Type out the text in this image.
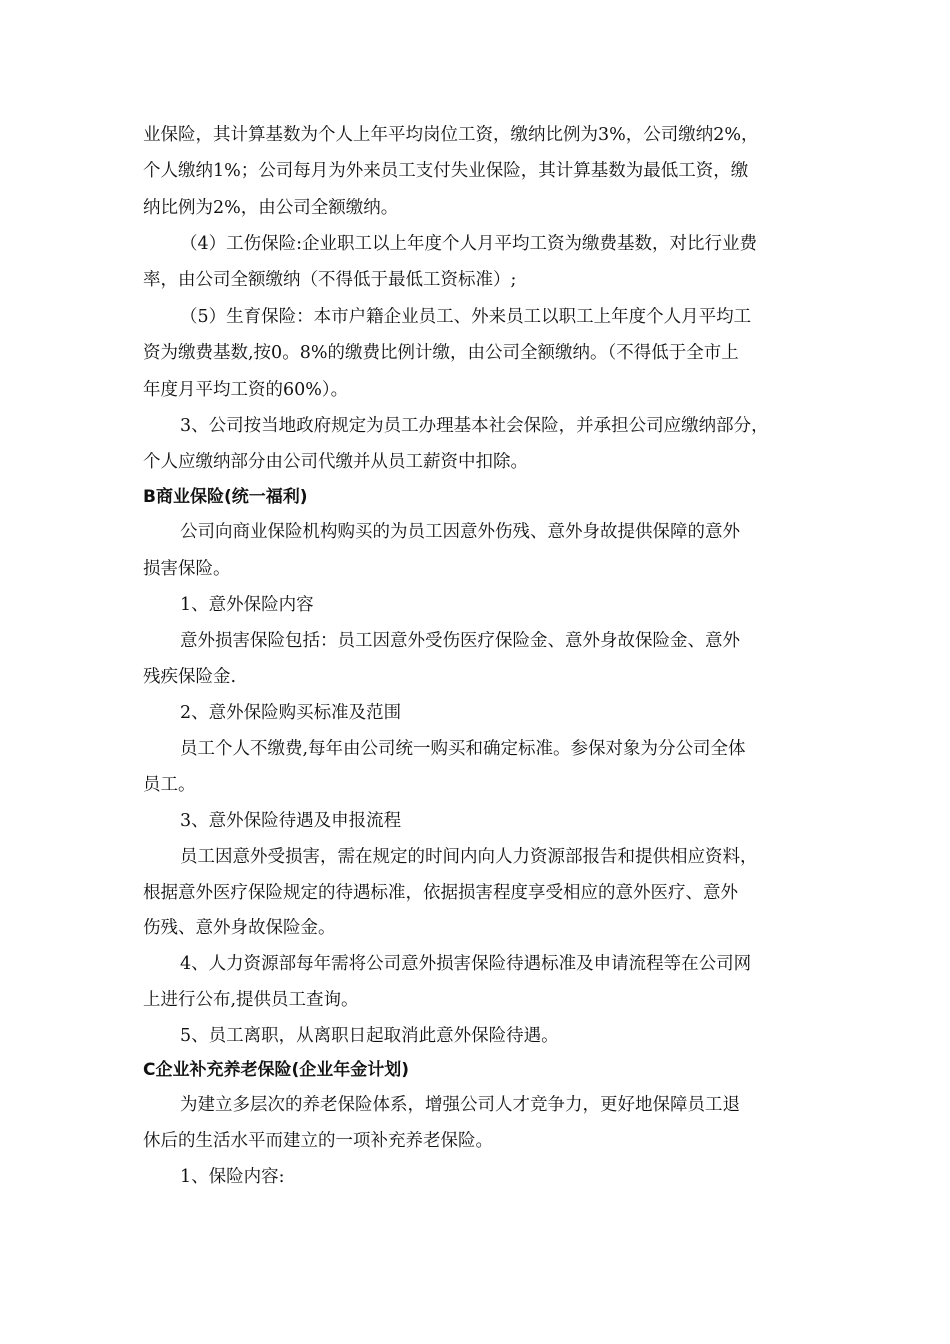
业保险，其计算基数为个人上年平均岗位工资，缴纳比例为3%，公司缴纳2%，
个人缴纳1%；公司每月为外来员工支付失业保险，其计算基数为最低工资，缴
纳比例为2%，由公司全额缴纳。
（4）工伤保险:企业职工以上年度个人月平均工资为缴费基数，对比行业费
率，由公司全额缴纳（不得低于最低工资标准）;
（5）生育保险：本市户籍企业员工、外来员工以职工上年度个人月平均工
资为缴费基数,按0。8%的缴费比例计缴，由公司全额缴纳。（不得低于全市上
年度月平均工资的60%）。
3、公司按当地政府规定为员工办理基本社会保险，并承担公司应缴纳部分，
个人应缴纳部分由公司代缴并从员工薪资中扣除。
B商业保险(统一福利)
公司向商业保险机构购买的为员工因意外伤残、意外身故提供保障的意外
损害保险。
1、意外保险内容
意外损害保险包括：员工因意外受伤医疗保险金、意外身故保险金、意外
残疾保险金.
2、意外保险购买标准及范围
员工个人不缴费,每年由公司统一购买和确定标准。参保对象为分公司全体
员工。
3、意外保险待遇及申报流程
员工因意外受损害，需在规定的时间内向人力资源部报告和提供相应资料，
根据意外医疗保险规定的待遇标准，依据损害程度享受相应的意外医疗、意外
伤残、意外身故保险金。
4、人力资源部每年需将公司意外损害保险待遇标准及申请流程等在公司网
上进行公布,提供员工查询。
5、员工离职，从离职日起取消此意外保险待遇。
C企业补充养老保险(企业年金计划)
为建立多层次的养老保险体系，增强公司人才竞争力，更好地保障员工退
休后的生活水平而建立的一项补充养老保险。
1、保险内容:
